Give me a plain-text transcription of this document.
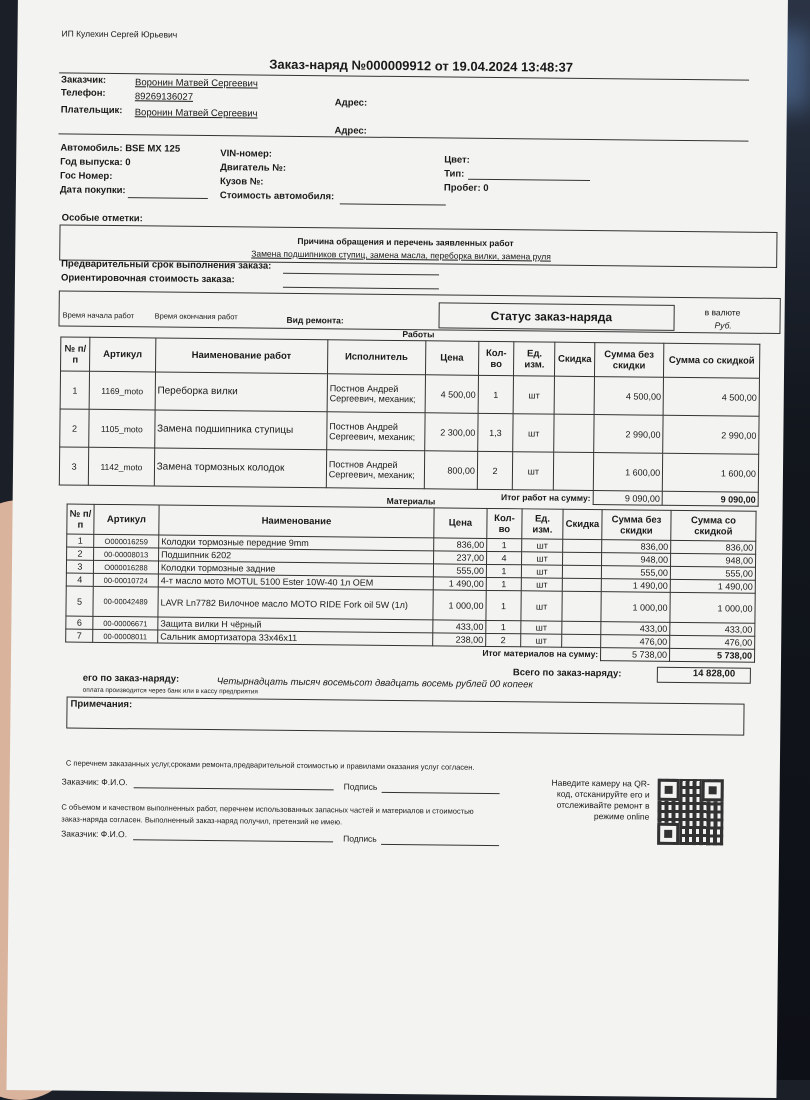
ИП Кулехин Сергей Юрьевич
Заказ-наряд №000009912 от 19.04.2024 13:48:37
Заказчик:	Воронин Матвей Сергеевич
Телефон:	89269136027
Адрес:
Плательщик: Воронин Матвей Сергеевич
Адрес:
Автомобиль: BSE MX 125
Год выпуска: 0
Гос Номер:
Дата покупки:
VIN-номер:
Двигатель №:
Кузов №:
Стоимость автомобиля:
Цвет:
Тип:
Пробег: 0
Особые отметки:
Причина обращения и перечень заявленных работ
Замена подшипников ступиц, замена масла, переборка вилки, замена руля
Предварительный срок выполнения заказа:
Ориентировочная стоимость заказа:
Время начала работ	Время окончания работ	Вид ремонта:	Статус заказ-наряда	в валюте
Руб.
Работы
№ п/п	Артикул	Наименование работ	Исполнитель	Цена	Кол-во	Ед. изм.	Скидка	Сумма без скидки	Сумма со скидкой
1	1169_moto	Переборка вилки	Постнов Андрей Сергеевич, механик;	4 500,00	1	шт		4 500,00	4 500,00
2	1105_moto	Замена подшипника ступицы	Постнов Андрей Сергеевич, механик;	2 300,00	1,3	шт		2 990,00	2 990,00
3	1142_moto	Замена тормозных колодок	Постнов Андрей Сергеевич, механик;	800,00	2	шт		1 600,00	1 600,00
Итог работ на сумму:								9 090,00	9 090,00
Материалы
№ п/п	Артикул	Наименование	Цена	Кол-во	Ед. изм.	Скидка	Сумма без скидки	Сумма со скидкой
1	О000016259	Колодки тормозные передние 9mm	836,00	1	шт		836,00	836,00
2	00-00008013	Подшипник 6202	237,00	4	шт		948,00	948,00
3	О000016288	Колодки тормозные задние	555,00	1	шт		555,00	555,00
4	00-00010724	4-т масло мото MOTUL 5100 Ester 10W-40 1л OEM	1 490,00	1	шт		1 490,00	1 490,00
5	00-00042489	LAVR Ln7782 Вилочное масло MOTO RIDE Fork oil 5W (1л)	1 000,00	1	шт		1 000,00	1 000,00
6	00-00006671	Защита вилки Н чёрный	433,00	1	шт		433,00	433,00
7	00-00008011	Сальник амортизатора 33х46х11	238,00	2	шт		476,00	476,00
Итог материалов на сумму:							5 738,00	5 738,00
Всего по заказ-наряду:	14 828,00
его по заказ-наряду:	Четырнадцать тысяч восемьсот двадцать восемь рублей 00 копеек
оплата производится через банк или в кассу предприятия
Примечания:
С перечнем заказанных услуг,сроками ремонта,предварительной стоимостью и правилами оказания услуг согласен.
Заказчик: Ф.И.О.	Подпись
С объемом и качеством выполненных работ, перечнем использованных запасных частей и материалов и стоимостью
заказ-наряда согласен. Выполненный заказ-наряд получил, претензий не имею.
Заказчик: Ф.И.О.	Подпись
Наведите камеру на QR-код, отсканируйте его и отслеживайте ремонт в режиме online
